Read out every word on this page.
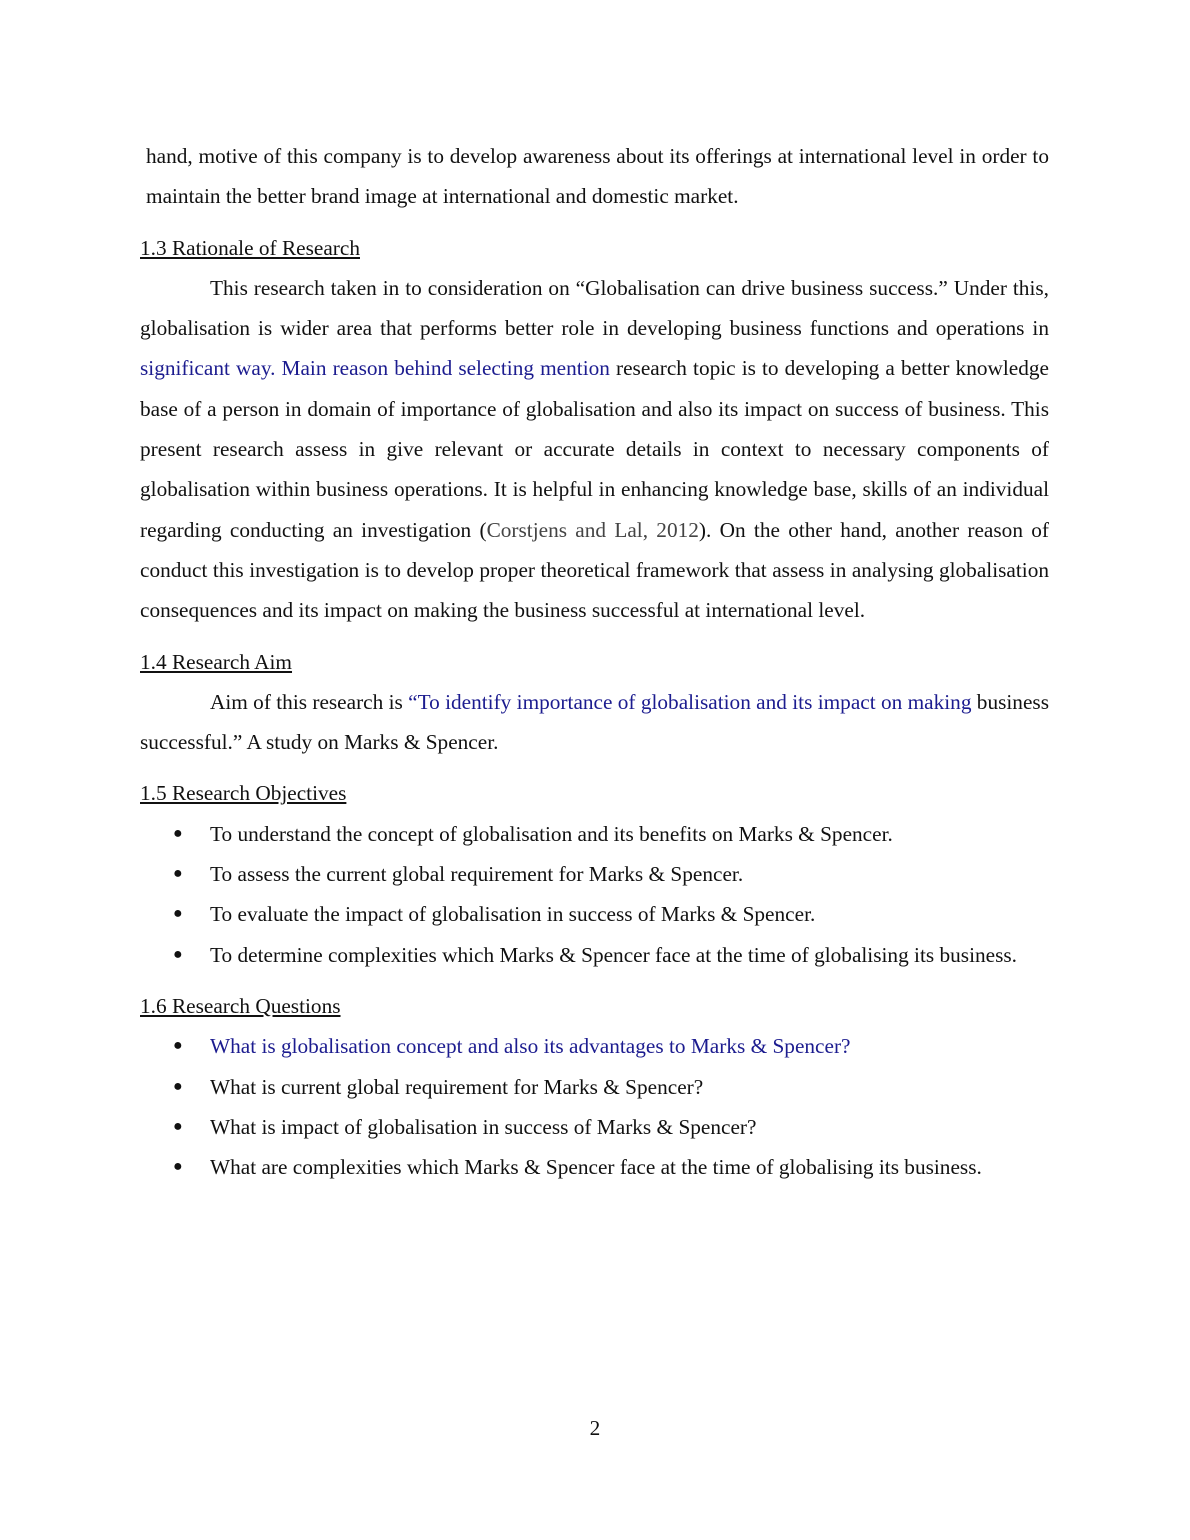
hand, motive of this company is to develop awareness about its offerings at international level in order to maintain the better brand image at international and domestic market.

1.3 Rationale of Research

This research taken in to consideration on “Globalisation can drive business success.” Under this, globalisation is wider area that performs better role in developing business functions and operations in significant way. Main reason behind selecting mention research topic is to developing a better knowledge base of a person in domain of importance of globalisation and also its impact on success of business. This present research assess in give relevant or accurate details in context to necessary components of globalisation within business operations. It is helpful in enhancing knowledge base, skills of an individual regarding conducting an investigation (Corstjens and Lal, 2012). On the other hand, another reason of conduct this investigation is to develop proper theoretical framework that assess in analysing globalisation consequences and its impact on making the business successful at international level.

1.4 Research Aim

Aim of this research is “To identify importance of globalisation and its impact on making business successful.” A study on Marks & Spencer.

1.5 Research Objectives
● To understand the concept of globalisation and its benefits on Marks & Spencer.
● To assess the current global requirement for Marks & Spencer.
● To evaluate the impact of globalisation in success of Marks & Spencer.
● To determine complexities which Marks & Spencer face at the time of globalising its business.
1.6 Research Questions
● What is globalisation concept and also its advantages to Marks & Spencer?
● What is current global requirement for Marks & Spencer?
● What is impact of globalisation in success of Marks & Spencer?
● What are complexities which Marks & Spencer face at the time of globalising its business.
2
